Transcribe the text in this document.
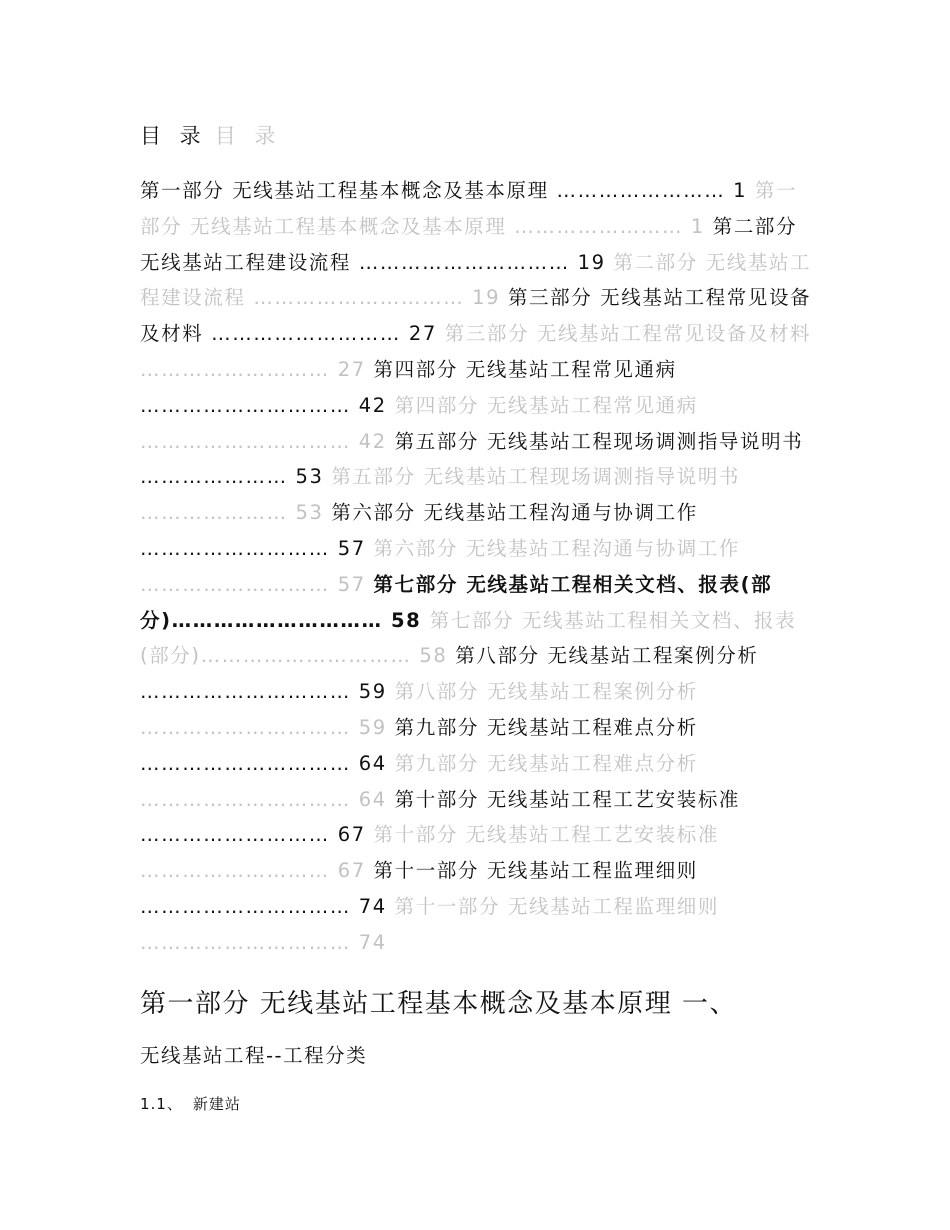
目 录 目 录
第一部分 无线基站工程基本概念及基本原理 …………………… 1 第一部分 无线基站工程基本概念及基本原理 …………………… 1 第二部分 无线基站工程建设流程 ………………………… 19 第二部分 无线基站工程建设流程 ………………………… 19 第三部分 无线基站工程常见设备及材料 ……………………… 27 第三部分 无线基站工程常见设备及材料 ……………………… 27 第四部分 无线基站工程常见通病 ………………………… 42 第四部分 无线基站工程常见通病 ………………………… 42 第五部分 无线基站工程现场调测指导说明书 ………………… 53 第五部分 无线基站工程现场调测指导说明书 ………………… 53 第六部分 无线基站工程沟通与协调工作 ……………………… 57 第六部分 无线基站工程沟通与协调工作 ……………………… 57 第七部分 无线基站工程相关文档、报表(部分)………………………… 58 第七部分 无线基站工程相关文档、报表(部分)………………………… 58 第八部分 无线基站工程案例分析 ………………………… 59 第八部分 无线基站工程案例分析 ………………………… 59 第九部分 无线基站工程难点分析 ………………………… 64 第九部分 无线基站工程难点分析 ………………………… 64 第十部分 无线基站工程工艺安装标准 ……………………… 67 第十部分 无线基站工程工艺安装标准 ……………………… 67 第十一部分 无线基站工程监理细则 ………………………… 74 第十一部分 无线基站工程监理细则 ………………………… 74
第一部分 无线基站工程基本概念及基本原理 一、
无线基站工程--工程分类
1.1、 新建站
